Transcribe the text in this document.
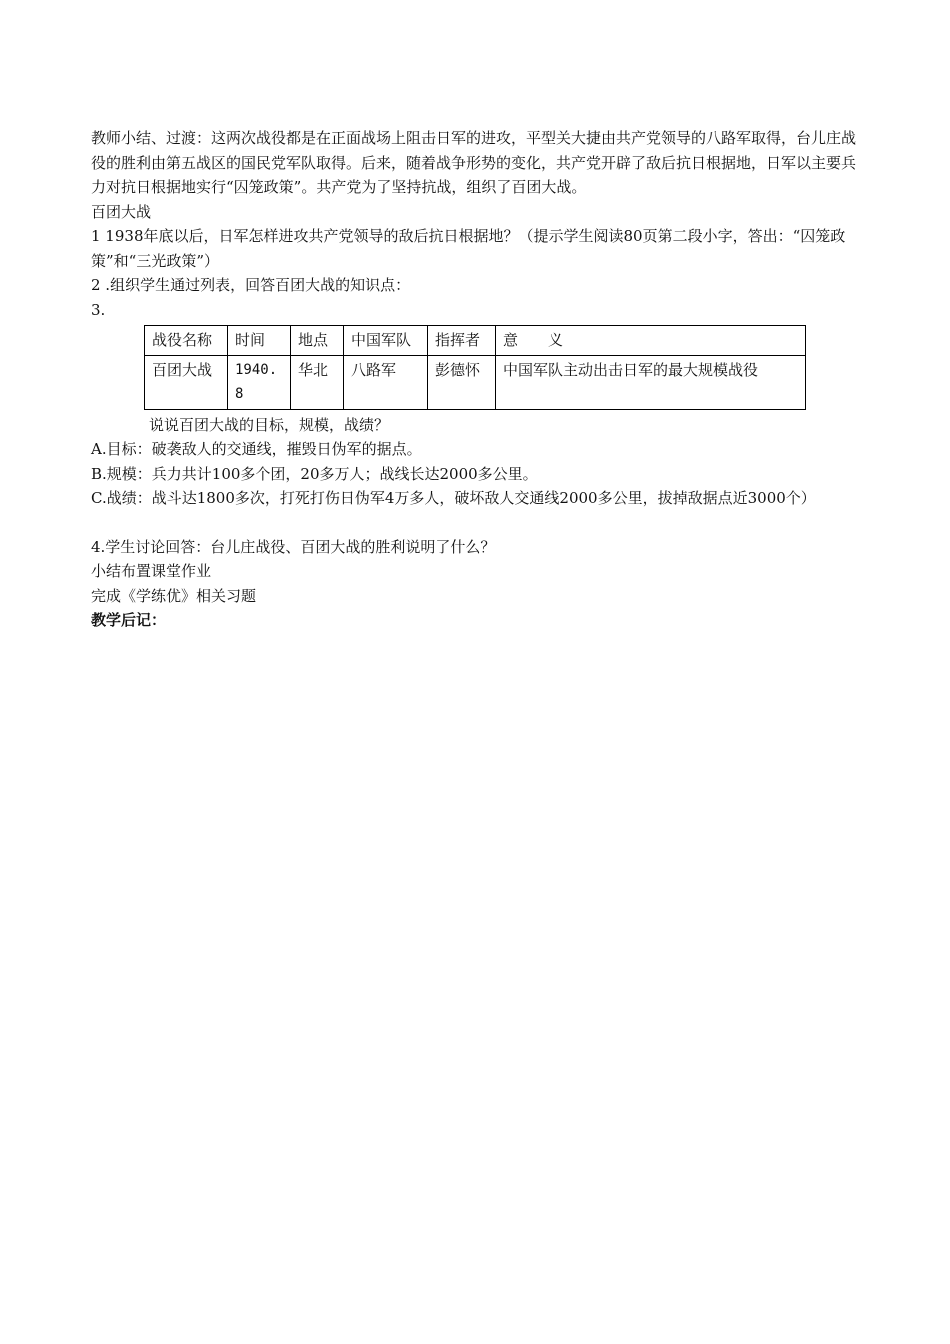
教师小结、过渡：这两次战役都是在正面战场上阻击日军的进攻，平型关大捷由共产党领导的八路军取得，台儿庄战役的胜利由第五战区的国民党军队取得。后来，随着战争形势的变化，共产党开辟了敌后抗日根据地，日军以主要兵力对抗日根据地实行“囚笼政策”。共产党为了坚持抗战，组织了百团大战。

百团大战

1 1938年底以后，日军怎样进攻共产党领导的敌后抗日根据地？（提示学生阅读80页第二段小字，答出：“囚笼政策”和“三光政策”）

2 .组织学生通过列表，回答百团大战的知识点：

3.

战役名称	时间	地点	中国军队	指挥者	意　　义
百团大战	1940.8	华北	八路军	彭德怀	中国军队主动出击日军的最大规模战役

说说百团大战的目标，规模，战绩？

A.目标：破袭敌人的交通线，摧毁日伪军的据点。

B.规模：兵力共计100多个团，20多万人；战线长达2000多公里。

C.战绩：战斗达1800多次，打死打伤日伪军4万多人，破坏敌人交通线2000多公里，拔掉敌据点近3000个）

4.学生讨论回答：台儿庄战役、百团大战的胜利说明了什么？

小结布置课堂作业

完成《学练优》相关习题

教学后记：
